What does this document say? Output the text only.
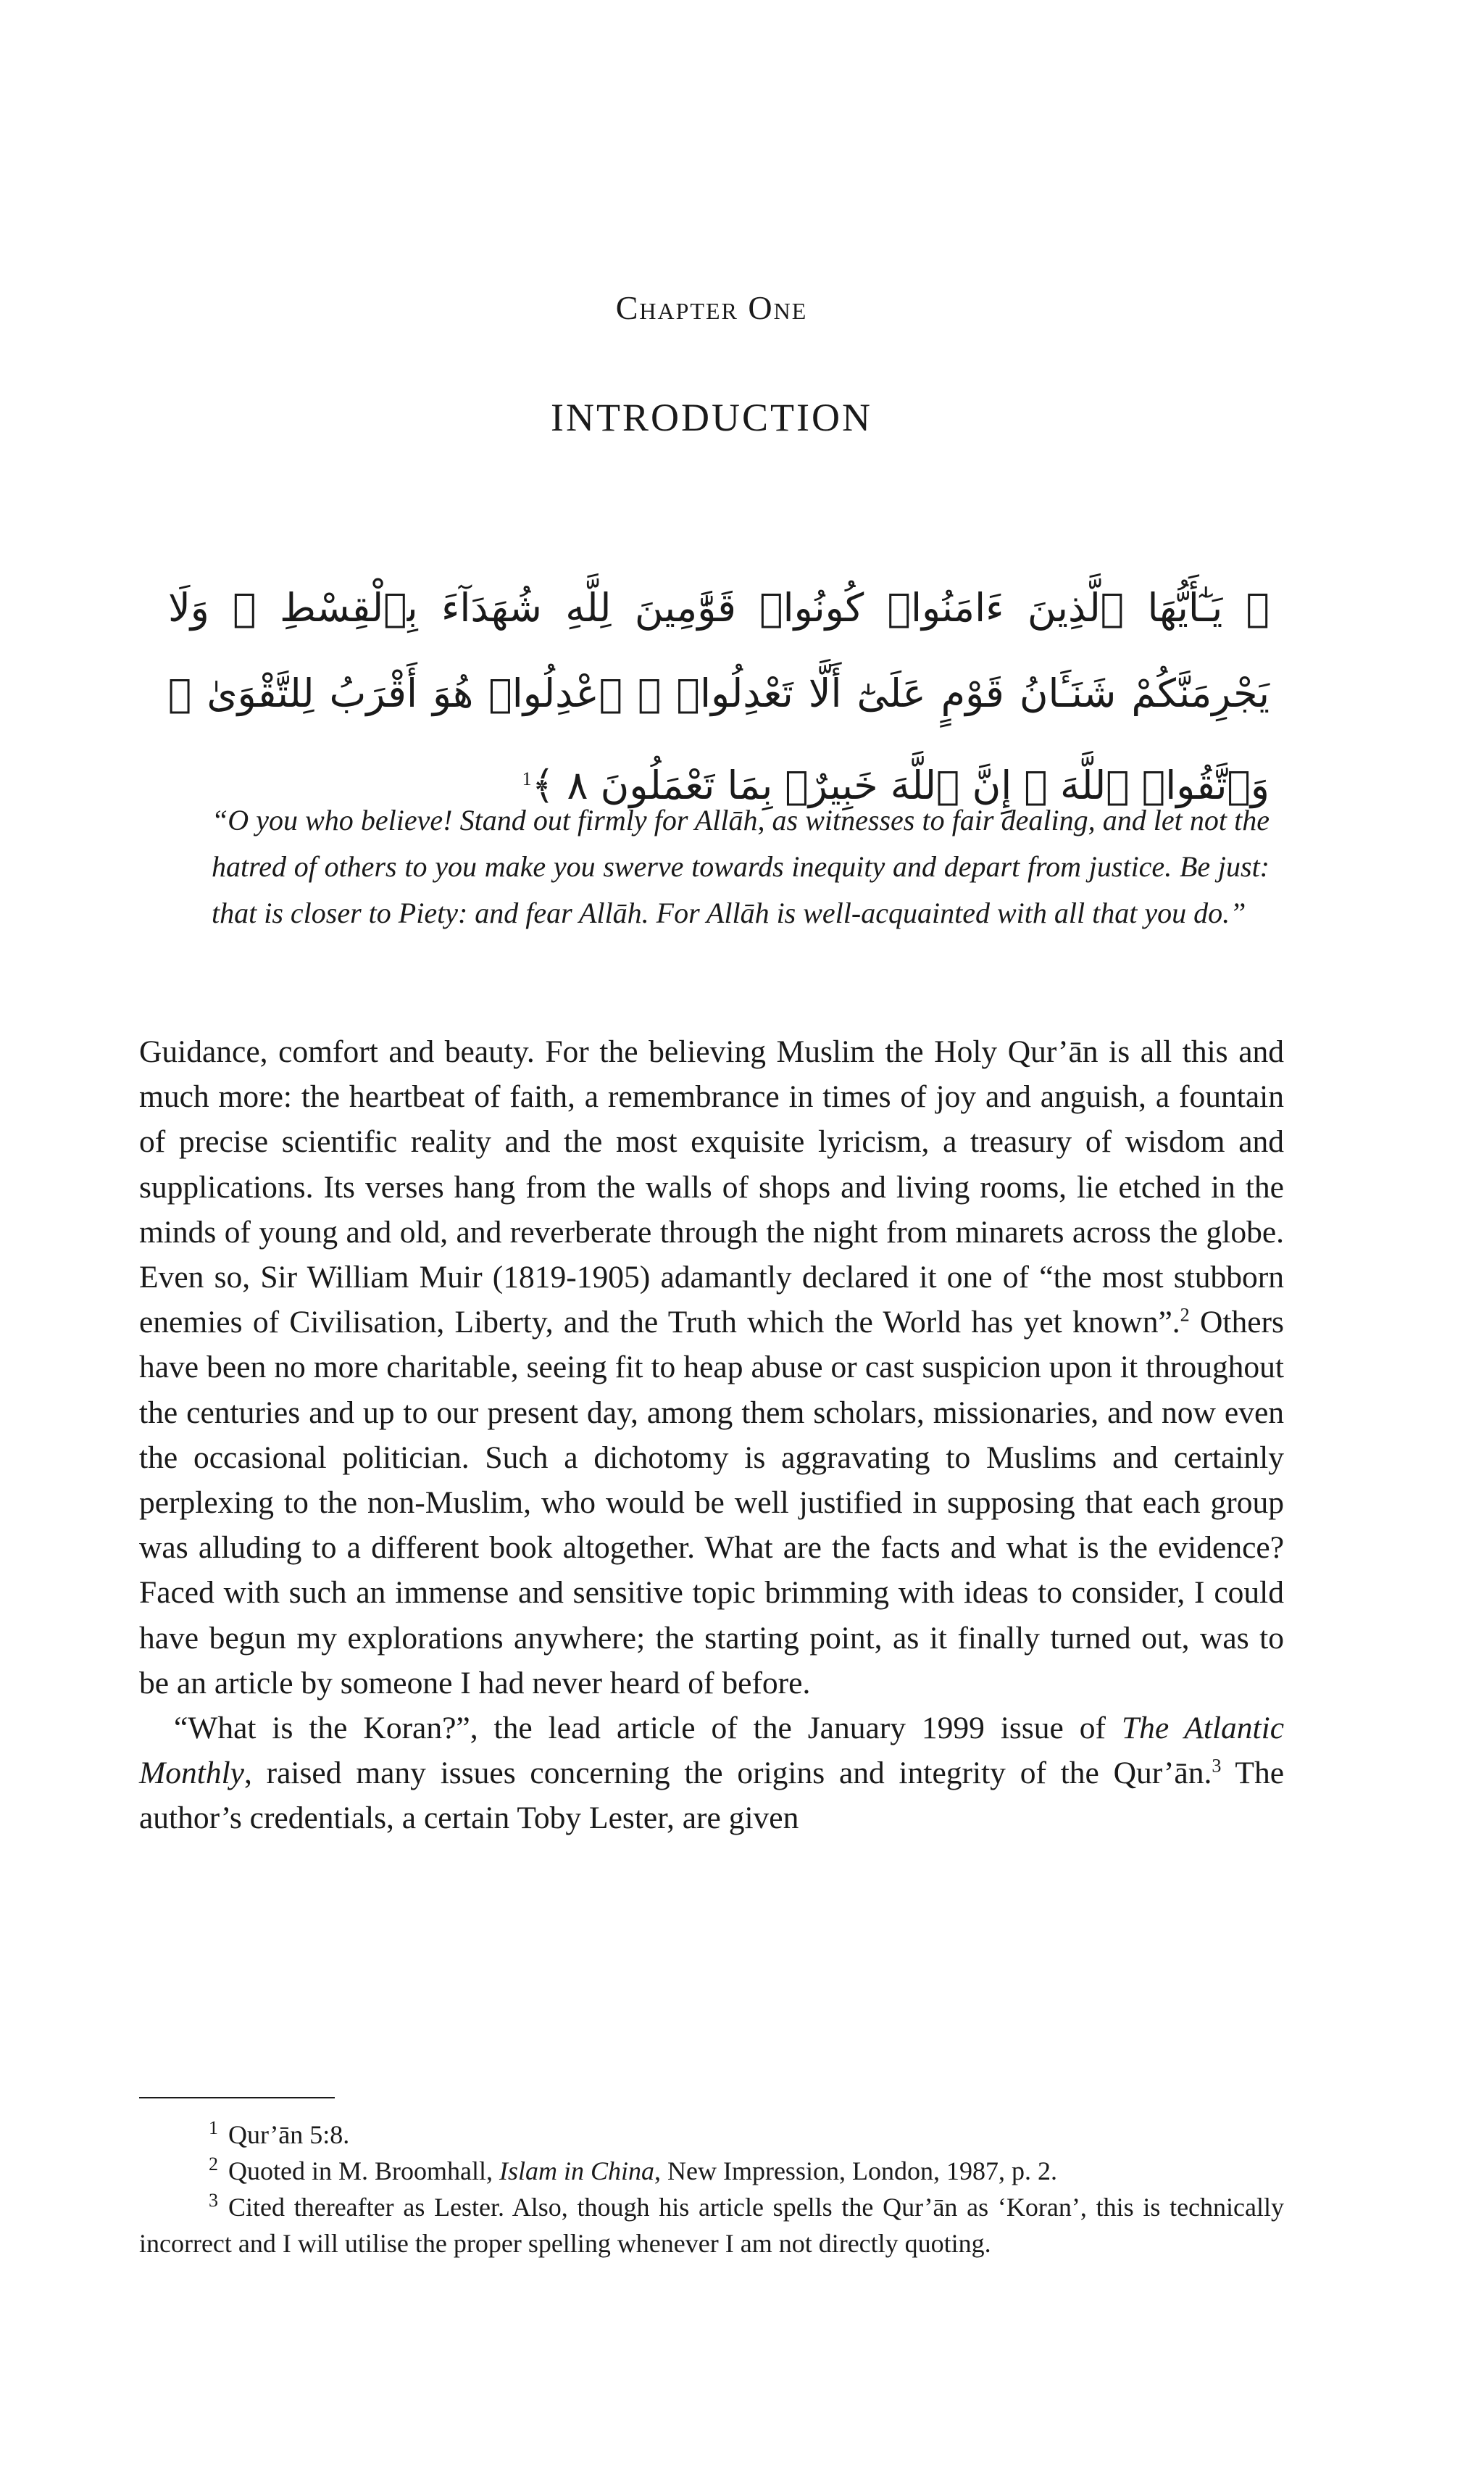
Chapter One
INTRODUCTION
﴿ يَـٰٓأَيُّهَا ٱلَّذِينَ ءَامَنُوا۟ كُونُوا۟ قَوَّٰمِينَ لِلَّهِ شُهَدَآءَ بِٱلْقِسْطِ ۖ وَلَا يَجْرِمَنَّكُمْ شَنَـَٔانُ قَوْمٍ عَلَىٰٓ أَلَّا تَعْدِلُوا۟ ۚ ٱعْدِلُوا۟ هُوَ أَقْرَبُ لِلتَّقْوَىٰ ۖ وَٱتَّقُوا۟ ٱللَّهَ ۚ إِنَّ ٱللَّهَ خَبِيرٌۢ بِمَا تَعْمَلُونَ ٨ ﴾$^1$
“O you who believe! Stand out firmly for Allāh, as witnesses to fair dealing, and let not the hatred of others to you make you swerve towards inequity and depart from justice. Be just: that is closer to Piety: and fear Allāh. For Allāh is well-acquainted with all that you do.”

Guidance, comfort and beauty. For the believing Muslim the Holy Qur’ān is all this and much more: the heartbeat of faith, a remembrance in times of joy and anguish, a fountain of precise scientific reality and the most exquisite lyricism, a treasury of wisdom and supplications. Its verses hang from the walls of shops and living rooms, lie etched in the minds of young and old, and reverberate through the night from minarets across the globe. Even so, Sir William Muir (1819-1905) adamantly declared it one of “the most stubborn enemies of Civilisation, Liberty, and the Truth which the World has yet known”.$^2$ Others have been no more charitable, seeing fit to heap abuse or cast suspicion upon it throughout the centuries and up to our present day, among them scholars, missionaries, and now even the occasional politician. Such a dichotomy is aggravating to Muslims and certainly perplexing to the non-Muslim, who would be well justified in supposing that each group was alluding to a different book altogether. What are the facts and what is the evidence? Faced with such an immense and sensitive topic brimming with ideas to consider, I could have begun my explorations anywhere; the starting point, as it finally turned out, was to be an article by someone I had never heard of before.

“What is the Koran?”, the lead article of the January 1999 issue of The Atlantic Monthly, raised many issues concerning the origins and integrity of the Qur’ān.$^3$ The author’s credentials, a certain Toby Lester, are given

1 Qur’ān 5:8.

2 Quoted in M. Broomhall, Islam in China, New Impression, London, 1987, p. 2.

3 Cited thereafter as Lester. Also, though his article spells the Qur’ān as ‘Koran’, this is technically incorrect and I will utilise the proper spelling whenever I am not directly quoting.
